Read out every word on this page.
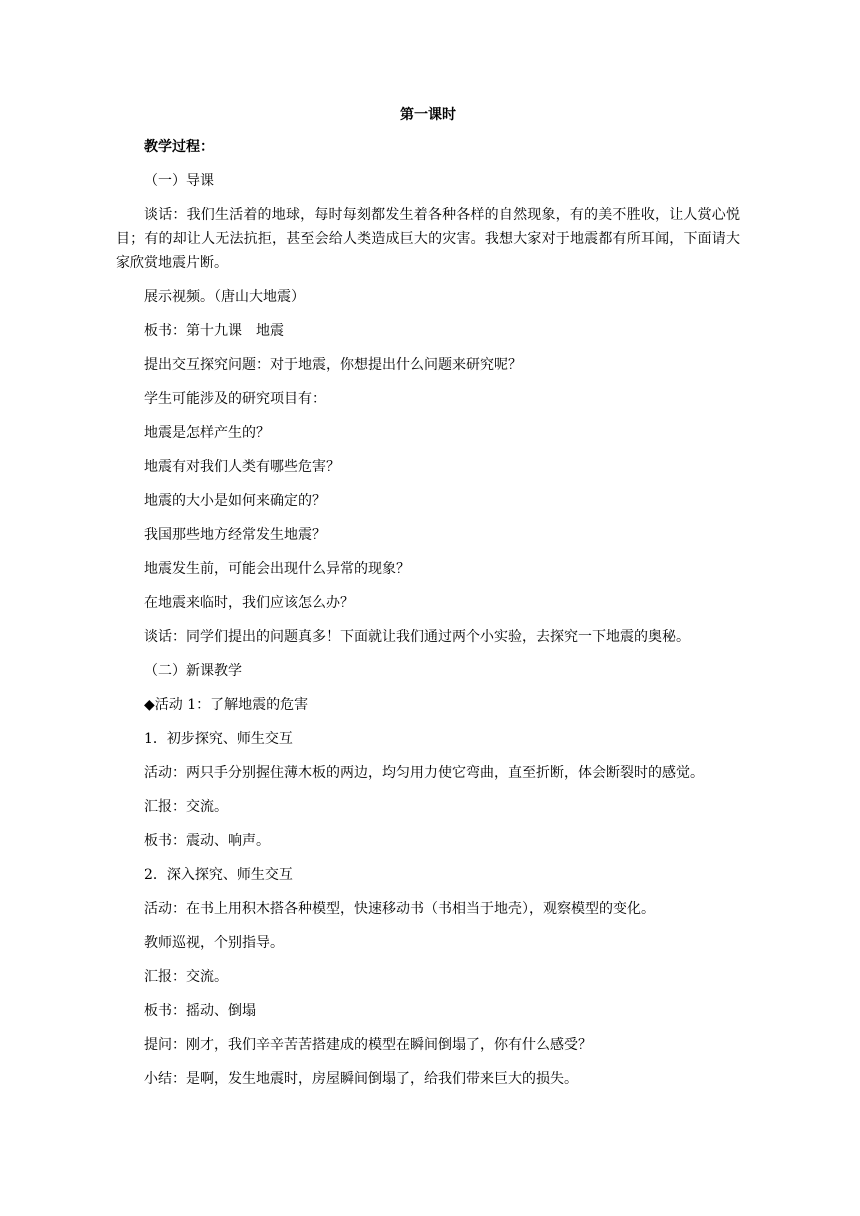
第一课时

教学过程：

（一）导课

谈话：我们生活着的地球，每时每刻都发生着各种各样的自然现象，有的美不胜收，让人赏心悦目；有的却让人无法抗拒，甚至会给人类造成巨大的灾害。我想大家对于地震都有所耳闻，下面请大家欣赏地震片断。

展示视频。（唐山大地震）

板书：第十九课　地震

提出交互探究问题：对于地震，你想提出什么问题来研究呢？

学生可能涉及的研究项目有：

地震是怎样产生的？

地震有对我们人类有哪些危害？

地震的大小是如何来确定的？

我国那些地方经常发生地震？

地震发生前，可能会出现什么异常的现象？

在地震来临时，我们应该怎么办？

谈话：同学们提出的问题真多！下面就让我们通过两个小实验，去探究一下地震的奥秘。

（二）新课教学

◆活动 1：了解地震的危害

1．初步探究、师生交互

活动：两只手分别握住薄木板的两边，均匀用力使它弯曲，直至折断，体会断裂时的感觉。

汇报：交流。

板书：震动、响声。

2．深入探究、师生交互

活动：在书上用积木搭各种模型，快速移动书（书相当于地壳），观察模型的变化。

教师巡视，个别指导。

汇报：交流。

板书：摇动、倒塌

提问：刚才，我们辛辛苦苦搭建成的模型在瞬间倒塌了，你有什么感受？

小结：是啊，发生地震时，房屋瞬间倒塌了，给我们带来巨大的损失。
